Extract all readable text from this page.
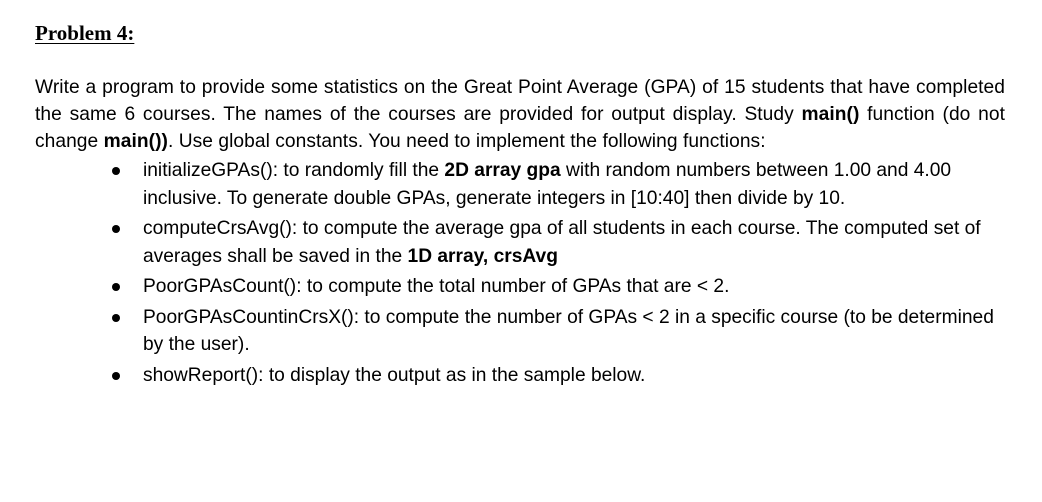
Problem 4:

Write a program to provide some statistics on the Great Point Average (GPA) of 15 students that have completed the same 6 courses. The names of the courses are provided for output display. Study main() function (do not change main()). Use global constants. You need to implement the following functions:

initializeGPAs(): to randomly fill the 2D array gpa with random numbers between 1.00 and 4.00 inclusive. To generate double GPAs, generate integers in [10:40] then divide by 10.
computeCrsAvg(): to compute the average gpa of all students in each course. The computed set of averages shall be saved in the 1D array, crsAvg
PoorGPAsCount(): to compute the total number of GPAs that are < 2.
PoorGPAsCountinCrsX(): to compute the number of GPAs < 2 in a specific course (to be determined by the user).
showReport(): to display the output as in the sample below.
